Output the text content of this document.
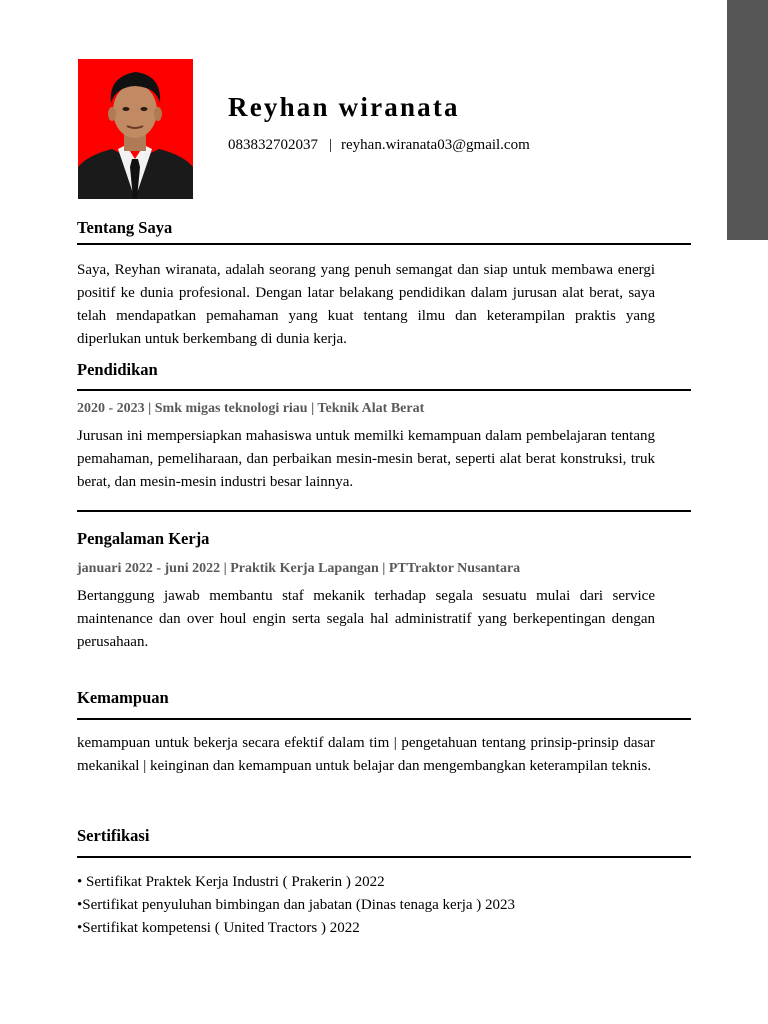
Reyhan wiranata
083832702037 | reyhan.wiranata03@gmail.com
Tentang Saya
Saya, Reyhan wiranata, adalah seorang yang penuh semangat dan siap untuk membawa energi positif ke dunia profesional. Dengan latar belakang pendidikan dalam jurusan alat berat, saya telah mendapatkan pemahaman yang kuat tentang ilmu dan keterampilan praktis yang diperlukan untuk berkembang di dunia kerja.
Pendidikan
2020 - 2023 | Smk migas teknologi riau | Teknik Alat Berat
Jurusan ini mempersiapkan mahasiswa untuk memilki kemampuan dalam pembelajaran tentang pemahaman, pemeliharaan, dan perbaikan mesin-mesin berat, seperti alat berat konstruksi, truk berat, dan mesin-mesin industri besar lainnya.
Pengalaman Kerja
januari 2022 - juni 2022 | Praktik Kerja Lapangan | PTTraktor Nusantara
Bertanggung jawab membantu staf mekanik terhadap segala sesuatu mulai dari service maintenance dan over houl engin serta segala hal administratif yang berkepentingan dengan perusahaan.
Kemampuan
kemampuan untuk bekerja secara efektif dalam tim | pengetahuan tentang prinsip-prinsip dasar mekanikal | keinginan dan kemampuan untuk belajar dan mengembangkan keterampilan teknis.
Sertifikasi
• Sertifikat Praktek Kerja Industri ( Prakerin ) 2022
•Sertifikat penyuluhan bimbingan dan jabatan (Dinas tenaga kerja ) 2023
•Sertifikat kompetensi ( United Tractors ) 2022
